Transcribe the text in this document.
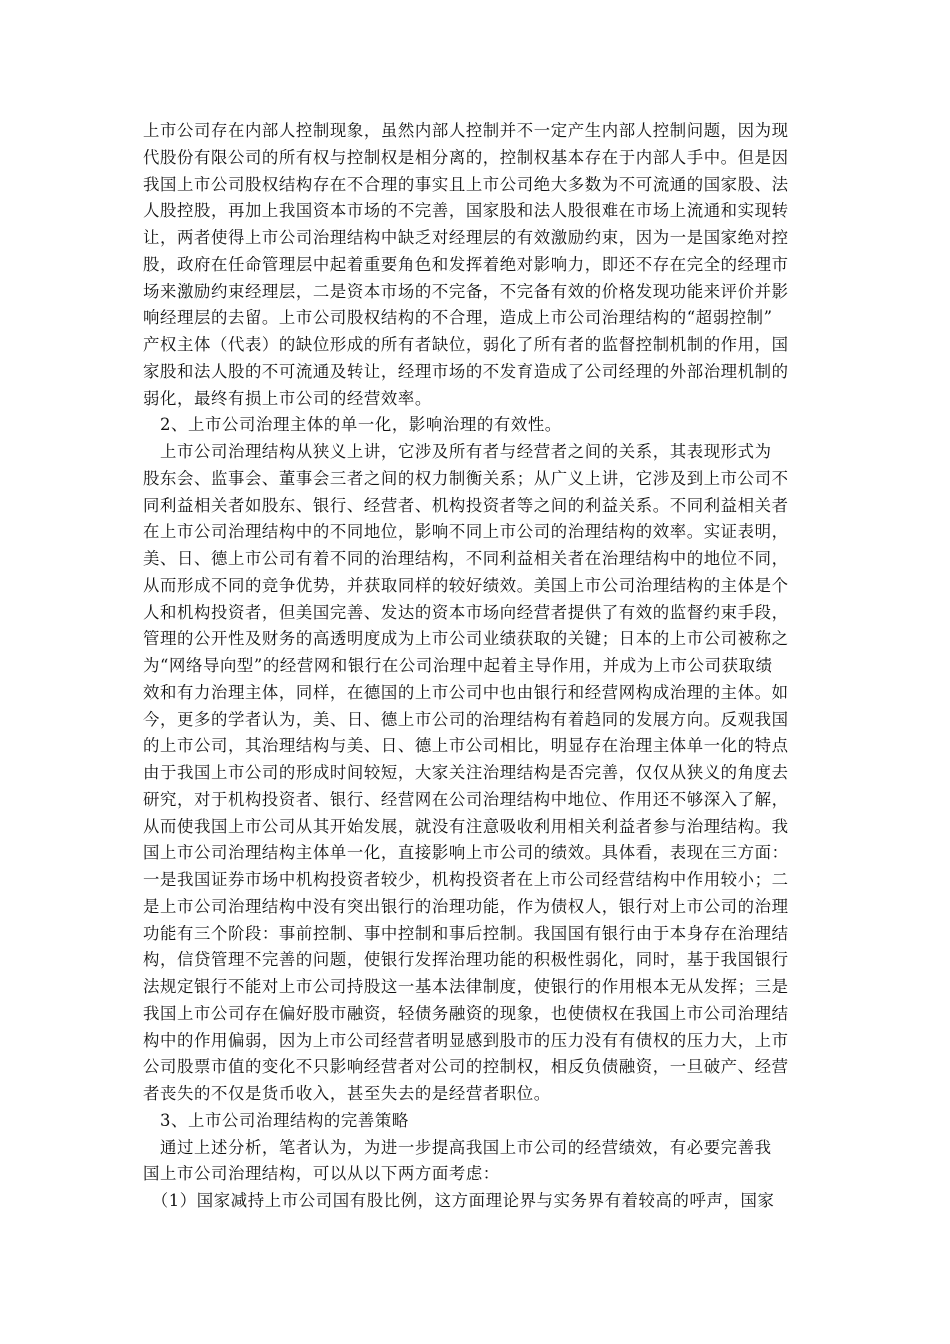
上市公司存在内部人控制现象，虽然内部人控制并不一定产生内部人控制问题，因为现
代股份有限公司的所有权与控制权是相分离的，控制权基本存在于内部人手中。但是因
我国上市公司股权结构存在不合理的事实且上市公司绝大多数为不可流通的国家股、法
人股控股，再加上我国资本市场的不完善，国家股和法人股很难在市场上流通和实现转
让，两者使得上市公司治理结构中缺乏对经理层的有效激励约束，因为一是国家绝对控
股，政府在任命管理层中起着重要角色和发挥着绝对影响力，即还不存在完全的经理市
场来激励约束经理层，二是资本市场的不完备，不完备有效的价格发现功能来评价并影
响经理层的去留。上市公司股权结构的不合理，造成上市公司治理结构的“超弱控制”
产权主体（代表）的缺位形成的所有者缺位，弱化了所有者的监督控制机制的作用，国
家股和法人股的不可流通及转让，经理市场的不发育造成了公司经理的外部治理机制的
弱化，最终有损上市公司的经营效率。
　2、上市公司治理主体的单一化，影响治理的有效性。
　上市公司治理结构从狭义上讲，它涉及所有者与经营者之间的关系，其表现形式为
股东会、监事会、董事会三者之间的权力制衡关系；从广义上讲，它涉及到上市公司不
同利益相关者如股东、银行、经营者、机构投资者等之间的利益关系。不同利益相关者
在上市公司治理结构中的不同地位，影响不同上市公司的治理结构的效率。实证表明，
美、日、德上市公司有着不同的治理结构，不同利益相关者在治理结构中的地位不同，
从而形成不同的竞争优势，并获取同样的较好绩效。美国上市公司治理结构的主体是个
人和机构投资者，但美国完善、发达的资本市场向经营者提供了有效的监督约束手段，
管理的公开性及财务的高透明度成为上市公司业绩获取的关键；日本的上市公司被称之
为“网络导向型”的经营网和银行在公司治理中起着主导作用，并成为上市公司获取绩
效和有力治理主体，同样，在德国的上市公司中也由银行和经营网构成治理的主体。如
今，更多的学者认为，美、日、德上市公司的治理结构有着趋同的发展方向。反观我国
的上市公司，其治理结构与美、日、德上市公司相比，明显存在治理主体单一化的特点
由于我国上市公司的形成时间较短，大家关注治理结构是否完善，仅仅从狭义的角度去
研究，对于机构投资者、银行、经营网在公司治理结构中地位、作用还不够深入了解，
从而使我国上市公司从其开始发展，就没有注意吸收利用相关利益者参与治理结构。我
国上市公司治理结构主体单一化，直接影响上市公司的绩效。具体看，表现在三方面：
一是我国证券市场中机构投资者较少，机构投资者在上市公司经营结构中作用较小；二
是上市公司治理结构中没有突出银行的治理功能，作为债权人，银行对上市公司的治理
功能有三个阶段：事前控制、事中控制和事后控制。我国国有银行由于本身存在治理结
构，信贷管理不完善的问题，使银行发挥治理功能的积极性弱化，同时，基于我国银行
法规定银行不能对上市公司持股这一基本法律制度，使银行的作用根本无从发挥；三是
我国上市公司存在偏好股市融资，轻债务融资的现象，也使债权在我国上市公司治理结
构中的作用偏弱，因为上市公司经营者明显感到股市的压力没有有债权的压力大，上市
公司股票市值的变化不只影响经营者对公司的控制权，相反负债融资，一旦破产、经营
者丧失的不仅是货币收入，甚至失去的是经营者职位。
　3、上市公司治理结构的完善策略
　通过上述分析，笔者认为，为进一步提高我国上市公司的经营绩效，有必要完善我
国上市公司治理结构，可以从以下两方面考虑：
　（1）国家减持上市公司国有股比例，这方面理论界与实务界有着较高的呼声，国家
